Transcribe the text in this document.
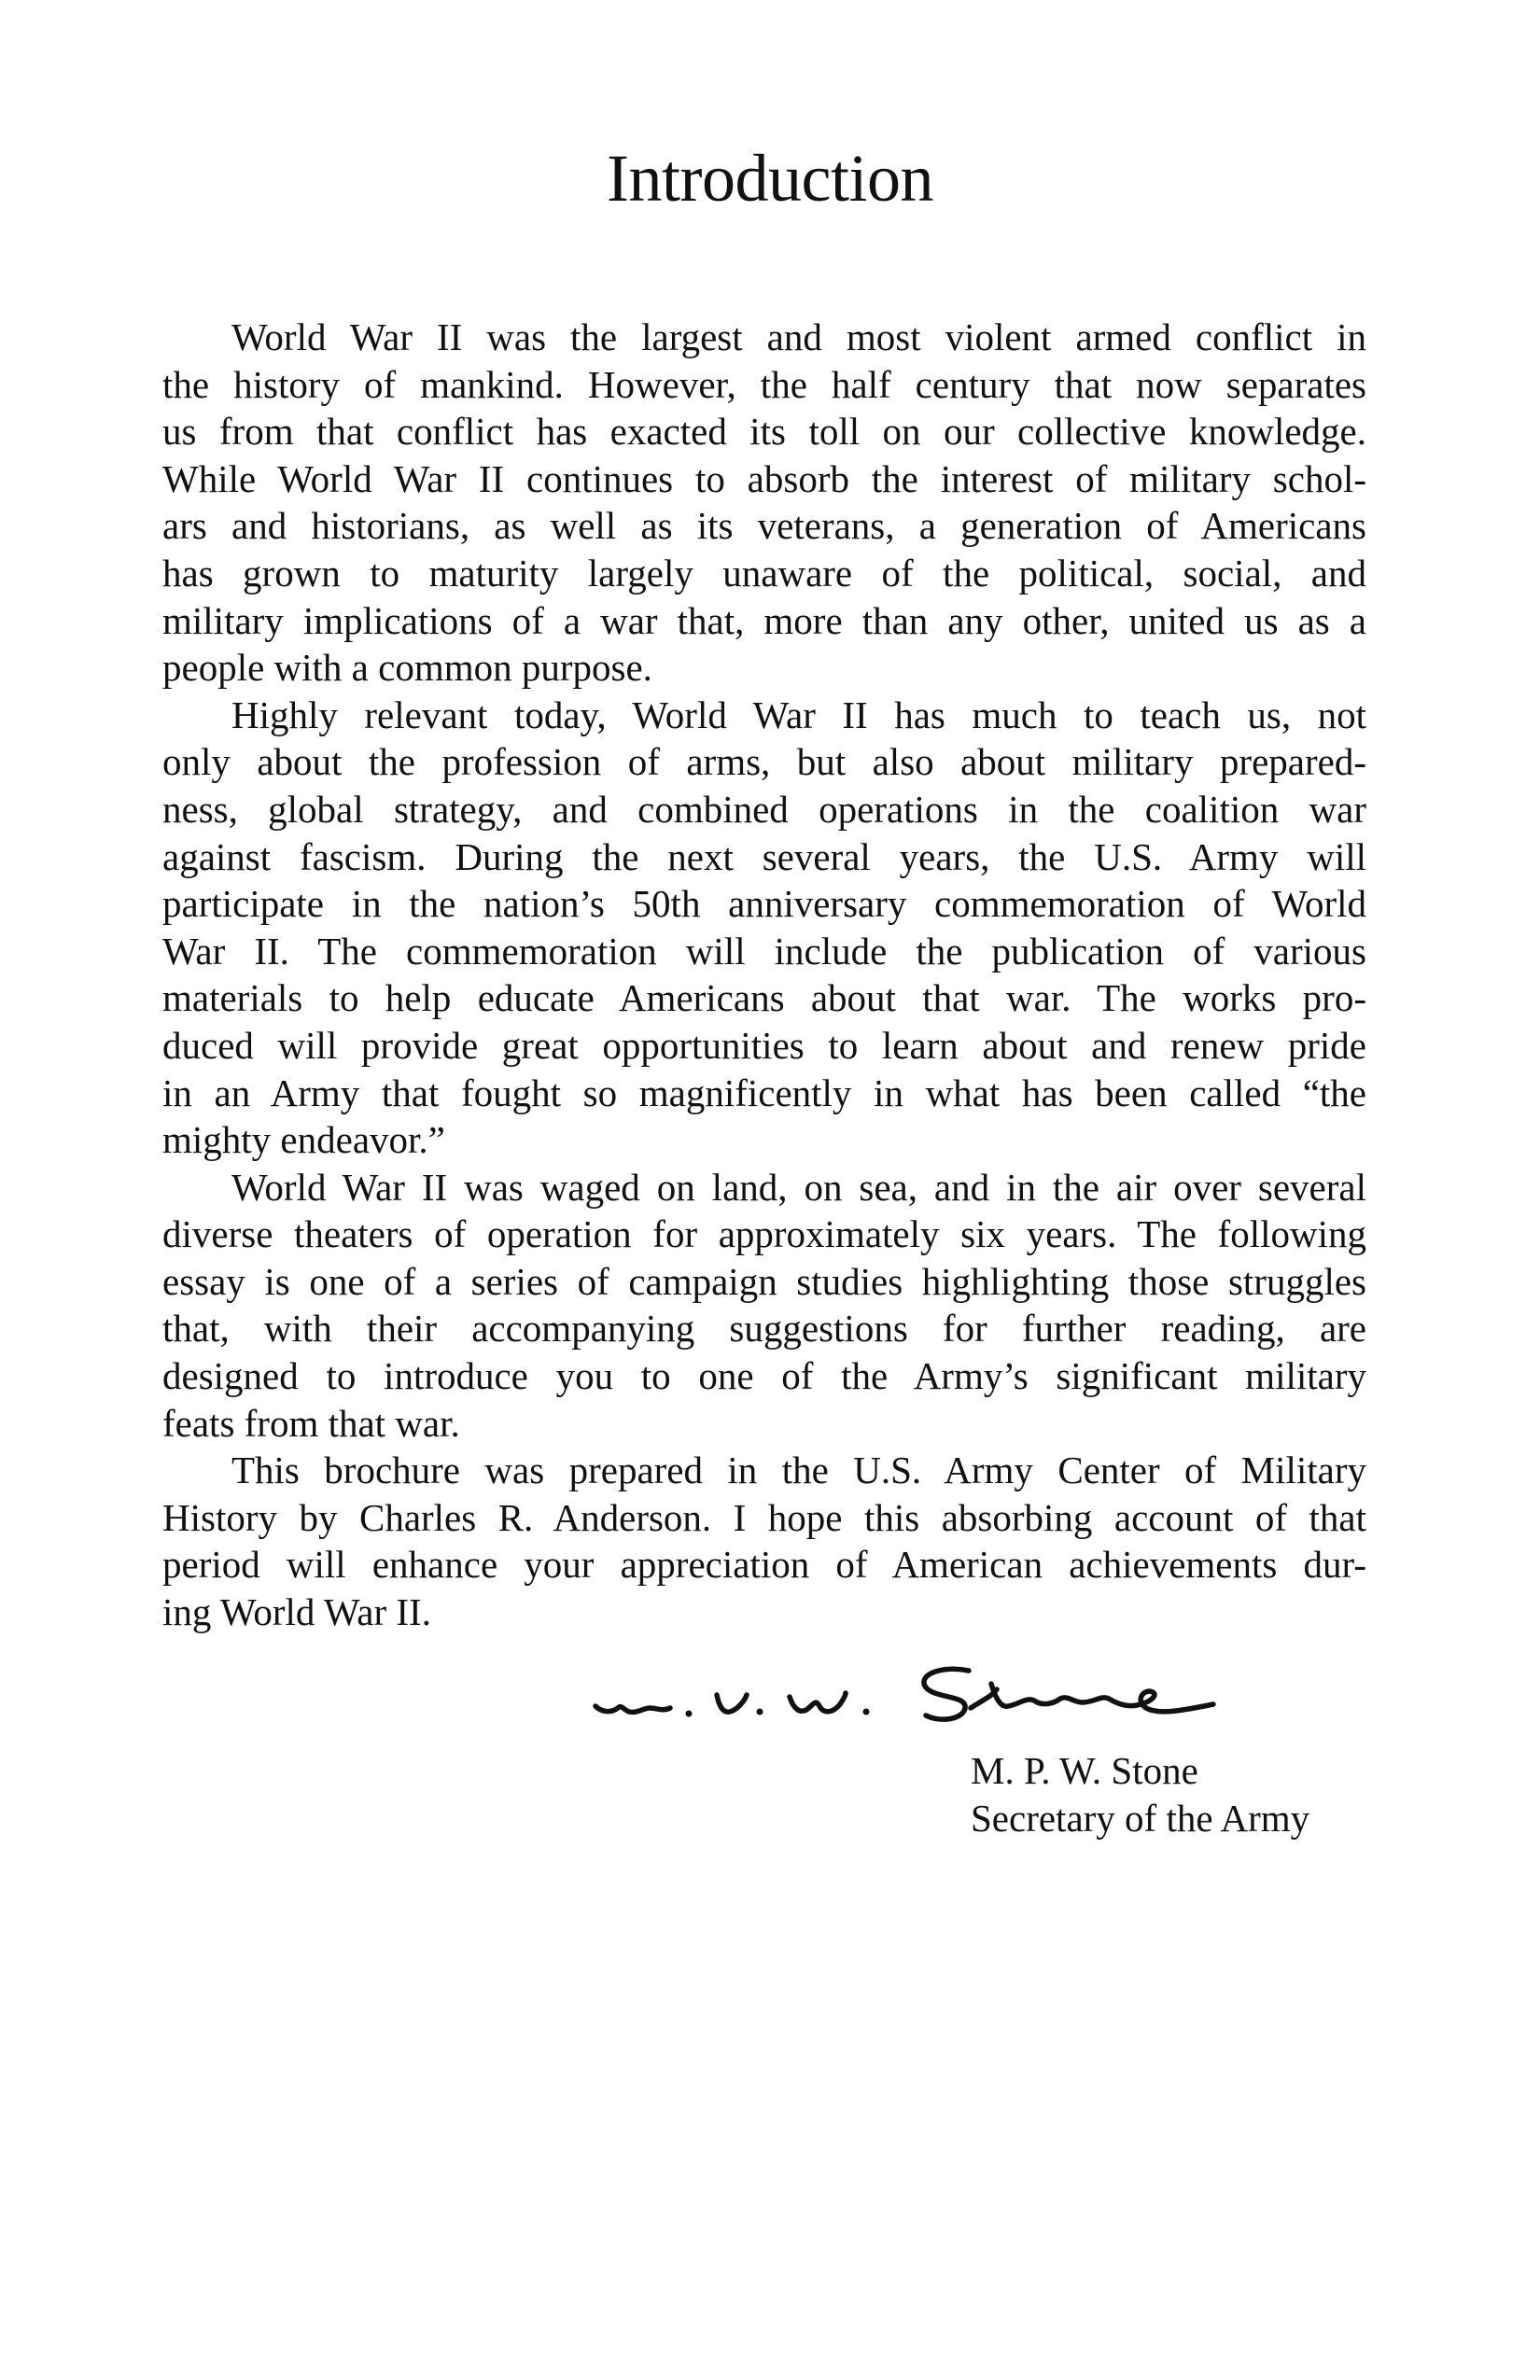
Introduction

World War II was the largest and most violent armed conflict in
the history of mankind. However, the half century that now separates
us from that conflict has exacted its toll on our collective knowledge.
While World War II continues to absorb the interest of military schol-
ars and historians, as well as its veterans, a generation of Americans
has grown to maturity largely unaware of the political, social, and
military implications of a war that, more than any other, united us as a
people with a common purpose.

Highly relevant today, World War II has much to teach us, not
only about the profession of arms, but also about military prepared-
ness, global strategy, and combined operations in the coalition war
against fascism. During the next several years, the U.S. Army will
participate in the nation’s 50th anniversary commemoration of World
War II. The commemoration will include the publication of various
materials to help educate Americans about that war. The works pro-
duced will provide great opportunities to learn about and renew pride
in an Army that fought so magnificently in what has been called “the
mighty endeavor.”

World War II was waged on land, on sea, and in the air over several
diverse theaters of operation for approximately six years. The following
essay is one of a series of campaign studies highlighting those struggles
that, with their accompanying suggestions for further reading, are
designed to introduce you to one of the Army’s significant military
feats from that war.

This brochure was prepared in the U.S. Army Center of Military
History by Charles R. Anderson. I hope this absorbing account of that
period will enhance your appreciation of American achievements dur-
ing World War II.

M. P. W. Stone
Secretary of the Army
